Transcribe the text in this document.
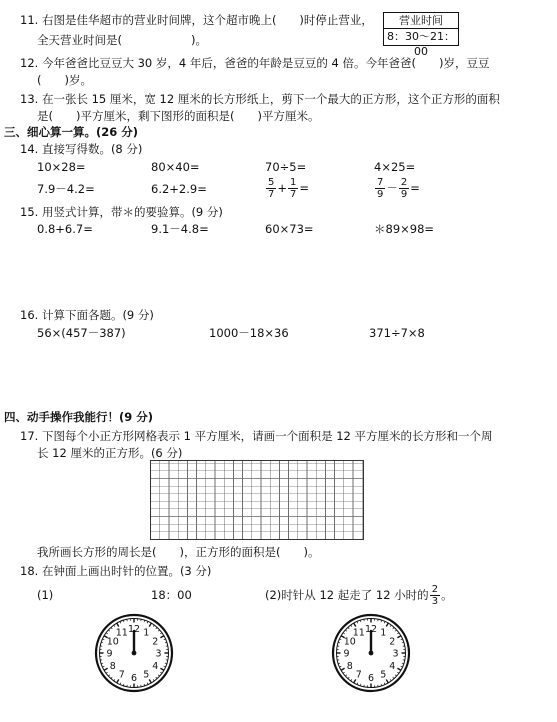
11. 右图是佳华超市的营业时间牌，这个超市晚上(　　)时停止营业，
全天营业时间是(　　　　　　)。
营业时间
8：30～21：00
12. 今年爸爸比豆豆大 30 岁，4 年后，爸爸的年龄是豆豆的 4 倍。今年爸爸(　　)岁，豆豆
(　　)岁。
13. 在一张长 15 厘米，宽 12 厘米的长方形纸上，剪下一个最大的正方形，这个正方形的面积
是(　　)平方厘米，剩下图形的面积是(　　)平方厘米。
三、细心算一算。(26 分)
14. 直接写得数。(8 分)
10×28=	80×40=	70÷5=	4×25=
7.9－4.2=	6.2+2.9=	$\frac{5}{7} + \frac{1}{7}$ =	$\frac{7}{9} - \frac{2}{9}$ =
15. 用竖式计算，带＊的要验算。(9 分)
0.8+6.7=	9.1－4.8=	60×73=	＊89×98=
16. 计算下面各题。(9 分)
56×(457－387)	1000－18×36	371÷7×8
四、动手操作我能行！(9 分)
17. 下图每个小正方形网格表示 1 平方厘米，请画一个面积是 12 平方厘米的长方形和一个周
长 12 厘米的正方形。(6 分)
我所画长方形的周长是(　　)，正方形的面积是(　　)。
18. 在钟面上画出时针的位置。(3 分)
(1)	18：00	(2)时针从 12 起走了 12 小时的 $\frac{2}{3}$ 。
12 1
2
3
4
5
6
7
8
9
10
11	12 1
2
3
4
5
6
7
8
9
10
11
